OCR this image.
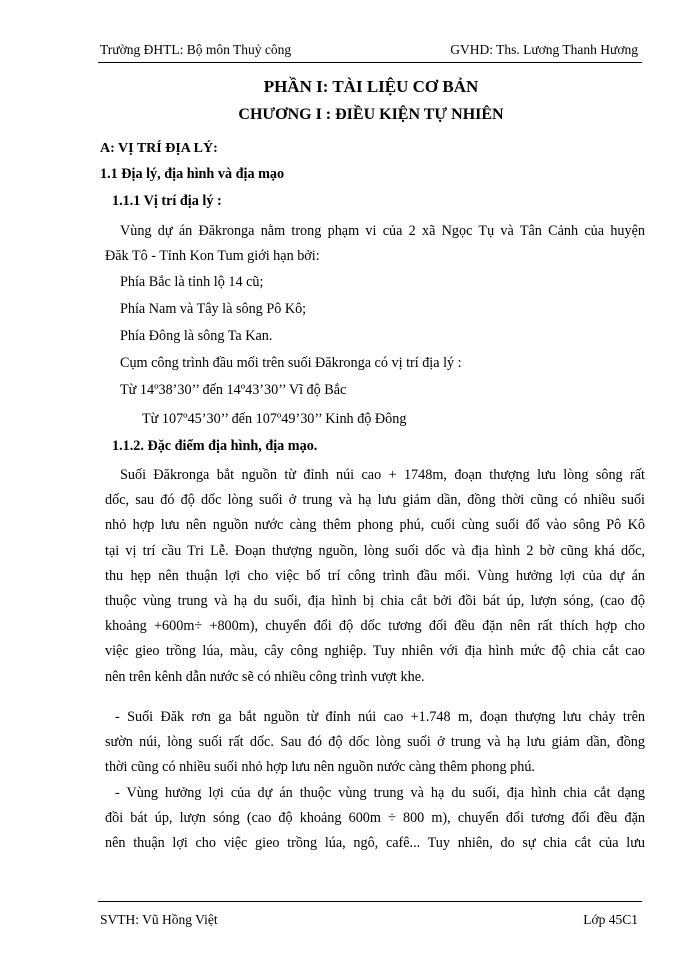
Trường ĐHTL: Bộ môn Thuỷ công	GVHD: Ths. Lương Thanh Hương
PHẦN I: TÀI LIỆU CƠ BẢN
CHƯƠNG I : ĐIỀU KIỆN TỰ NHIÊN
A: VỊ TRÍ ĐỊA LÝ:
1.1 Địa lý, địa hình và địa mạo
1.1.1 Vị trí địa lý :
Vùng dự án Đăkronga nằm trong phạm vi của 2 xã Ngọc Tụ và Tân Cảnh của huyện
Đăk Tô - Tỉnh Kon Tum giới hạn bởi:
Phía Bắc là tỉnh lộ 14 cũ;
Phía Nam và Tây là sông Pô Kô;
Phía Đông là sông Ta Kan.
Cụm công trình đầu mối trên suối Đăkronga có vị trí địa lý :
Từ 14º38’30’’ đến 14º43’30’’ Vĩ độ Bắc
Từ 107º45’30’’ đến 107º49’30’’ Kinh độ Đông
1.1.2. Đặc điểm địa hình, địa mạo.
Suối Đăkronga bắt nguồn từ đỉnh núi cao + 1748m, đoạn thượng lưu lòng sông rất
dốc, sau đó độ dốc lòng suối ở trung và hạ lưu giảm dần, đồng thời cũng có nhiều suối
nhỏ hợp lưu nên nguồn nước càng thêm phong phú, cuối cùng suối đổ vào sông Pô Kô
tại vị trí cầu Tri Lễ. Đoạn thượng nguồn, lòng suối dốc và địa hình 2 bờ cũng khá dốc,
thu hẹp nên thuận lợi cho việc bố trí công trình đầu mối. Vùng hưởng lợi của dự án
thuộc vùng trung và hạ du suối, địa hình bị chia cắt bởi đồi bát úp, lượn sóng, (cao độ
khoảng +600m÷ +800m), chuyển đổi độ dốc tương đối đều đặn nên rất thích hợp cho
việc gieo trồng lúa, màu, cây công nghiệp. Tuy nhiên với địa hình mức độ chia cắt cao
nên trên kênh dẫn nước sẽ có nhiều công trình vượt khe.
- Suối Đăk rơn ga bắt nguồn từ đỉnh núi cao +1.748 m, đoạn thượng lưu chảy trên
sườn núi, lòng suối rất dốc. Sau đó độ dốc lòng suối ở trung và hạ lưu giảm dần, đồng
thời cũng có nhiều suối nhỏ hợp lưu nên nguồn nước càng thêm phong phú.
- Vùng hưởng lợi của dự án thuộc vùng trung và hạ du suối, địa hình chia cắt dạng
đồi bát úp, lượn sóng (cao độ khoảng 600m ÷ 800 m), chuyển đổi tương đối đều đặn
nên thuận lợi cho việc gieo trồng lúa, ngô, cafê... Tuy nhiên, do sự chia cắt của lưu
SVTH: Vũ Hồng Việt	Lớp 45C1
